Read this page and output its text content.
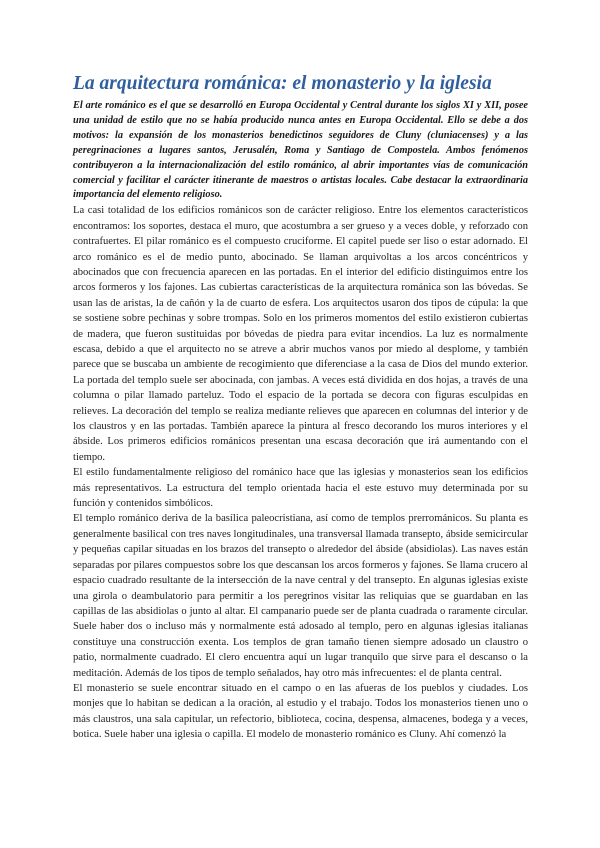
La arquitectura románica: el monasterio y la iglesia

El arte románico es el que se desarrolló en Europa Occidental y Central durante los siglos XI y XII, posee una unidad de estilo que no se había producido nunca antes en Europa Occidental. Ello se debe a dos motivos: la expansión de los monasterios benedictinos seguidores de Cluny (cluniacenses) y a las peregrinaciones a lugares santos, Jerusalén, Roma y Santiago de Compostela. Ambos fenómenos contribuyeron a la internacionalización del estilo románico, al abrir importantes vías de comunicación comercial y facilitar el carácter itinerante de maestros o artistas locales. Cabe destacar la extraordinaria importancia del elemento religioso.

La casi totalidad de los edificios románicos son de carácter religioso. Entre los elementos característicos encontramos: los soportes, destaca el muro, que acostumbra a ser grueso y a veces doble, y reforzado con contrafuertes. El pilar románico es el compuesto cruciforme. El capitel puede ser liso o estar adornado. El arco románico es el de medio punto, abocinado. Se llaman arquivoltas a los arcos concéntricos y abocinados que con frecuencia aparecen en las portadas. En el interior del edificio distinguimos entre los arcos formeros y los fajones. Las cubiertas características de la arquitectura románica son las bóvedas. Se usan las de aristas, la de cañón y la de cuarto de esfera. Los arquitectos usaron dos tipos de cúpula: la que se sostiene sobre pechinas y sobre trompas. Solo en los primeros momentos del estilo existieron cubiertas de madera, que fueron sustituidas por bóvedas de piedra para evitar incendios. La luz es normalmente escasa, debido a que el arquitecto no se atreve a abrir muchos vanos por miedo al desplome, y también parece que se buscaba un ambiente de recogimiento que diferenciase a la casa de Dios del mundo exterior. La portada del templo suele ser abocinada, con jambas. A veces está dividida en dos hojas, a través de una columna o pilar llamado parteluz. Todo el espacio de la portada se decora con figuras esculpidas en relieves. La decoración del templo se realiza mediante relieves que aparecen en columnas del interior y de los claustros y en las portadas. También aparece la pintura al fresco decorando los muros interiores y el ábside. Los primeros edificios románicos presentan una escasa decoración que irá aumentando con el tiempo.

El estilo fundamentalmente religioso del románico hace que las iglesias y monasterios sean los edificios más representativos. La estructura del templo orientada hacia el este estuvo muy determinada por su función y contenidos simbólicos.

El templo románico deriva de la basílica paleocristiana, así como de templos prerrománicos. Su planta es generalmente basilical con tres naves longitudinales, una transversal llamada transepto, ábside semicircular y pequeñas capilar situadas en los brazos del transepto o alrededor del ábside (absidiolas). Las naves están separadas por pilares compuestos sobre los que descansan los arcos formeros y fajones. Se llama crucero al espacio cuadrado resultante de la intersección de la nave central y del transepto. En algunas iglesias existe una girola o deambulatorio para permitir a los peregrinos visitar las reliquias que se guardaban en las capillas de las absidiolas o junto al altar. El campanario puede ser de planta cuadrada o raramente circular. Suele haber dos o incluso más y normalmente está adosado al templo, pero en algunas iglesias italianas constituye una construcción exenta. Los templos de gran tamaño tienen siempre adosado un claustro o patio, normalmente cuadrado. El clero encuentra aquí un lugar tranquilo que sirve para el descanso o la meditación. Además de los tipos de templo señalados, hay otro más infrecuentes: el de planta central.

El monasterio se suele encontrar situado en el campo o en las afueras de los pueblos y ciudades. Los monjes que lo habitan se dedican a la oración, al estudio y el trabajo. Todos los monasterios tienen uno o más claustros, una sala capitular, un refectorio, biblioteca, cocina, despensa, almacenes, bodega y a veces, botica. Suele haber una iglesia o capilla. El modelo de monasterio románico es Cluny. Ahí comenzó la
